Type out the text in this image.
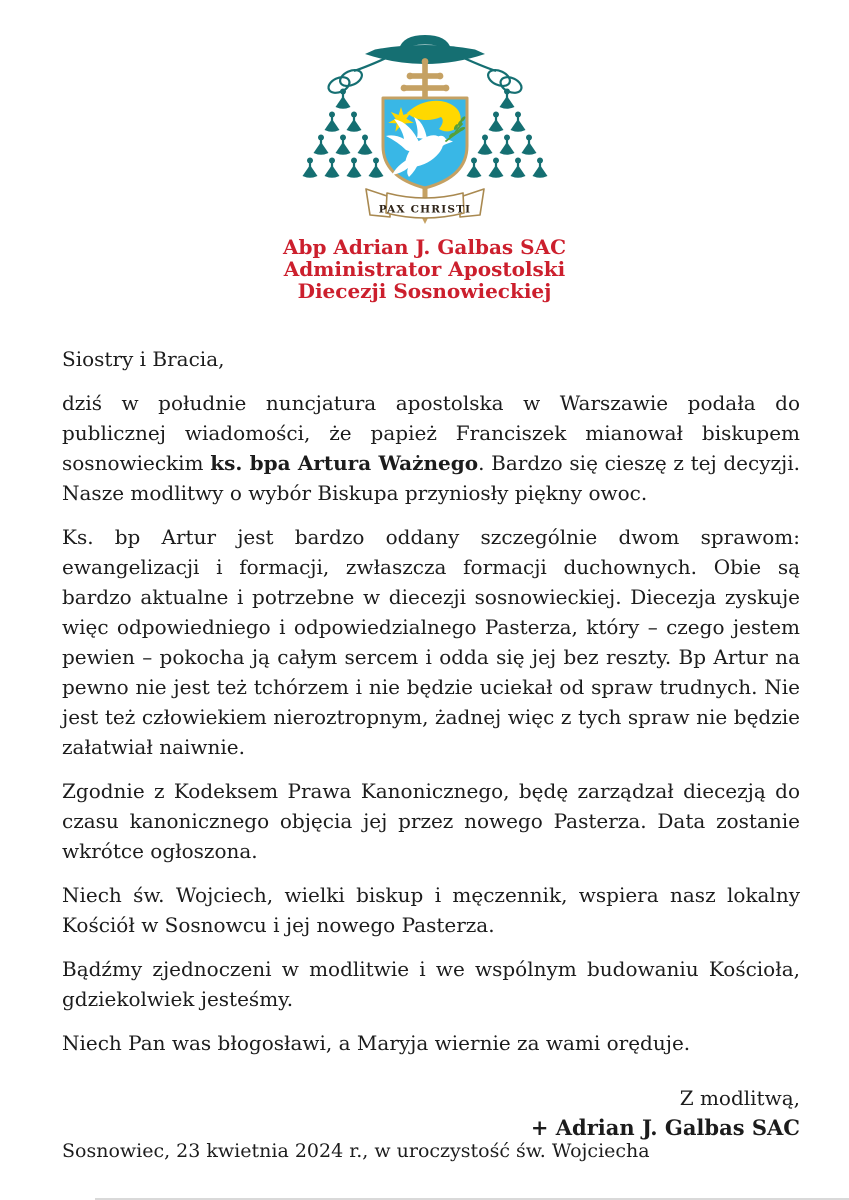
PAX CHRISTI
Abp Adrian J. Galbas SAC
Administrator Apostolski
Diecezji Sosnowieckiej

Siostry i Bracia,

dziś w południe nuncjatura apostolska w Warszawie podała do publicznej wiadomości, że papież Franciszek mianował biskupem sosnowieckim ks. bpa Artura Ważnego. Bardzo się cieszę z tej decyzji. Nasze modlitwy o wybór Biskupa przyniosły piękny owoc.

Ks. bp Artur jest bardzo oddany szczególnie dwom sprawom: ewangelizacji i formacji, zwłaszcza formacji duchownych. Obie są bardzo aktualne i potrzebne w diecezji sosnowieckiej. Diecezja zyskuje więc odpowiedniego i odpowiedzialnego Pasterza, który – czego jestem pewien – pokocha ją całym sercem i odda się jej bez reszty. Bp Artur na pewno nie jest też tchórzem i nie będzie uciekał od spraw trudnych. Nie jest też człowiekiem nieroztropnym, żadnej więc z tych spraw nie będzie załatwiał naiwnie.

Zgodnie z Kodeksem Prawa Kanonicznego, będę zarządzał diecezją do czasu kanonicznego objęcia jej przez nowego Pasterza. Data zostanie wkrótce ogłoszona.

Niech św. Wojciech, wielki biskup i męczennik, wspiera nasz lokalny Kościół w Sosnowcu i jej nowego Pasterza.

Bądźmy zjednoczeni w modlitwie i we wspólnym budowaniu Kościoła, gdziekolwiek jesteśmy.

Niech Pan was błogosławi, a Maryja wiernie za wami oręduje.

Z modlitwą,
+ Adrian J. Galbas SAC
Sosnowiec, 23 kwietnia 2024 r., w uroczystość św. Wojciecha
